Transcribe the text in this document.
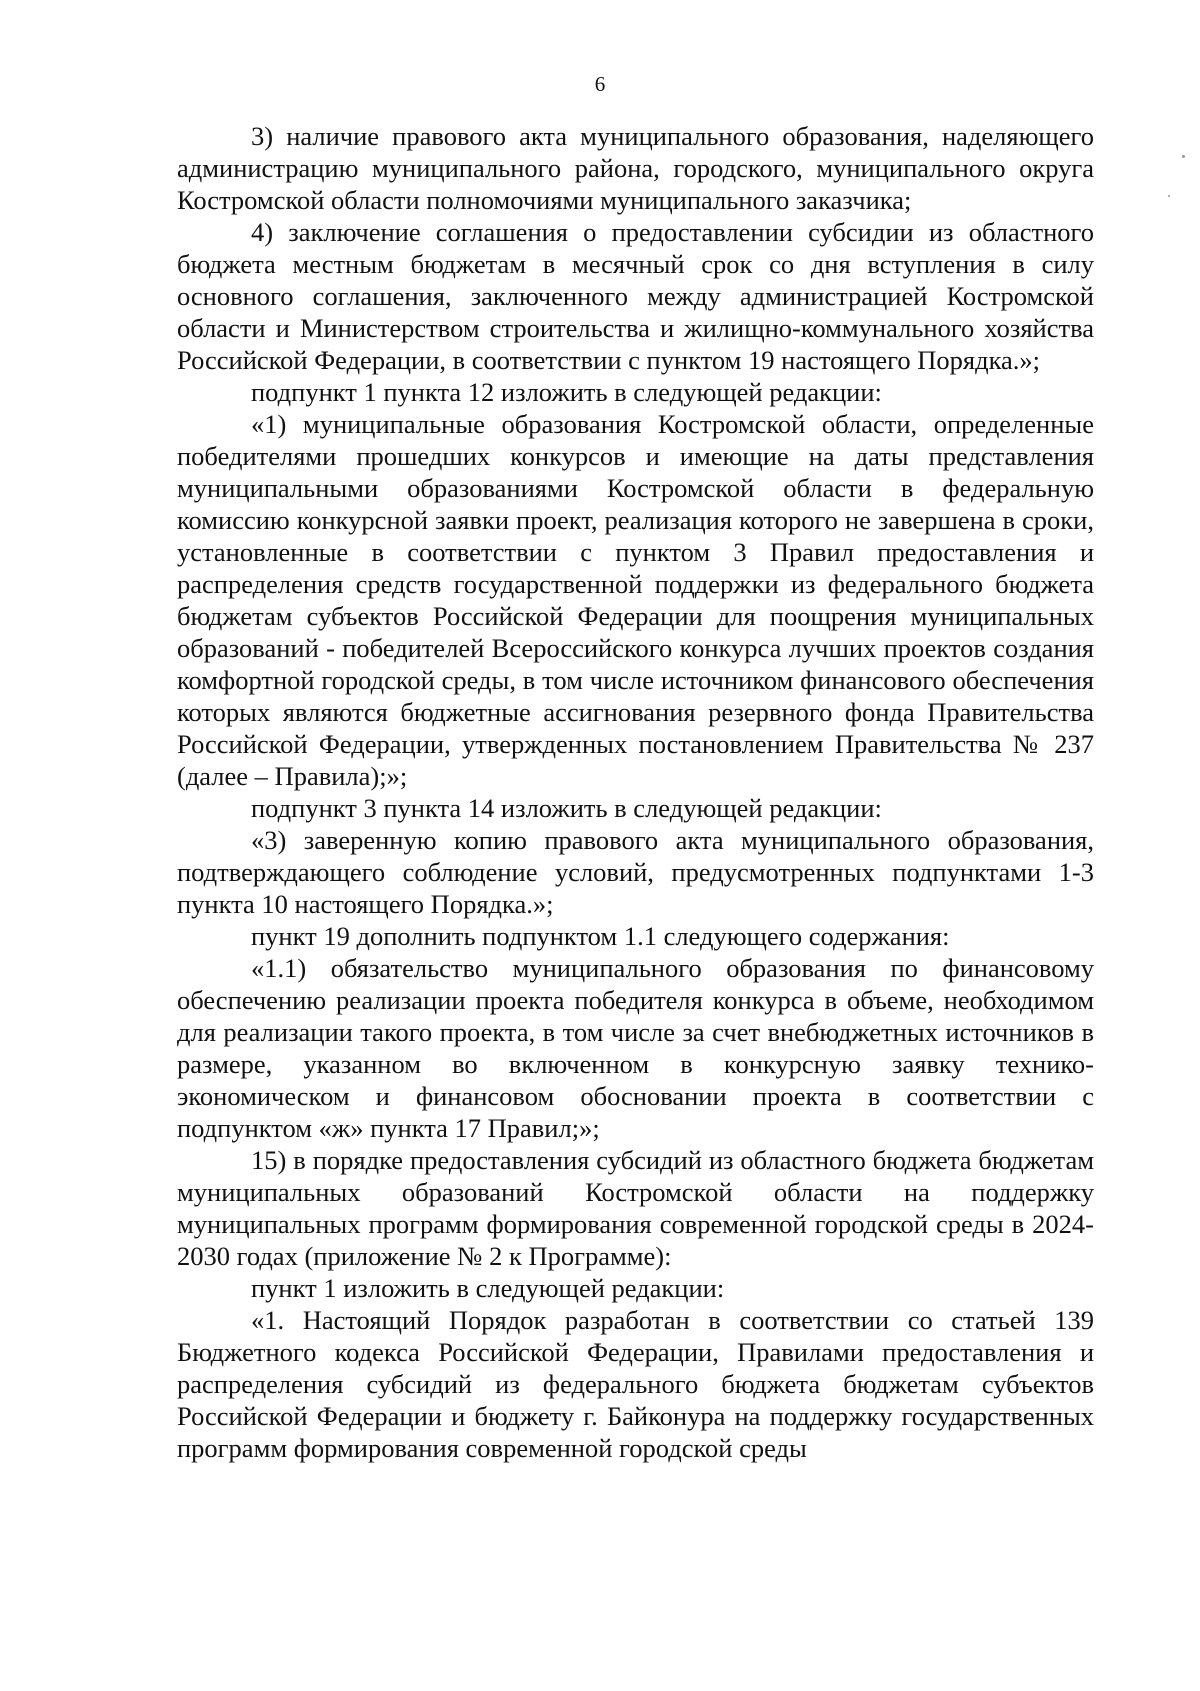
6

3) наличие правового акта муниципального образования, наделяющего администрацию муниципального района, городского, муниципального округа Костромской области полномочиями муниципального заказчика;

4) заключение соглашения о предоставлении субсидии из областного бюджета местным бюджетам в месячный срок со дня вступления в силу основного соглашения, заключенного между администрацией Костромской области и Министерством строительства и жилищно-коммунального хозяйства Российской Федерации, в соответствии с пунктом 19 настоящего Порядка.»;

подпункт 1 пункта 12 изложить в следующей редакции:

«1) муниципальные образования Костромской области, определенные победителями прошедших конкурсов и имеющие на даты представления муниципальными образованиями Костромской области в федеральную комиссию конкурсной заявки проект, реализация которого не завершена в сроки, установленные в соответствии с пунктом 3 Правил предоставления и распределения средств государственной поддержки из федерального бюджета бюджетам субъектов Российской Федерации для поощрения муниципальных образований - победителей Всероссийского конкурса лучших проектов создания комфортной городской среды, в том числе источником финансового обеспечения которых являются бюджетные ассигнования резервного фонда Правительства Российской Федерации, утвержденных постановлением Правительства № 237 (далее – Правила);»;

подпункт 3 пункта 14 изложить в следующей редакции:

«3) заверенную копию правового акта муниципального образования, подтверждающего соблюдение условий, предусмотренных подпунктами 1-3 пункта 10 настоящего Порядка.»;

пункт 19 дополнить подпунктом 1.1 следующего содержания:

«1.1) обязательство муниципального образования по финансовому обеспечению реализации проекта победителя конкурса в объеме, необходимом для реализации такого проекта, в том числе за счет внебюджетных источников в размере, указанном во включенном в конкурсную заявку технико-экономическом и финансовом обосновании проекта в соответствии с подпунктом «ж» пункта 17 Правил;»;

15) в порядке предоставления субсидий из областного бюджета бюджетам муниципальных образований Костромской области на поддержку муниципальных программ формирования современной городской среды в 2024-2030 годах (приложение № 2 к Программе):

пункт 1 изложить в следующей редакции:

«1. Настоящий Порядок разработан в соответствии со статьей 139 Бюджетного кодекса Российской Федерации, Правилами предоставления и распределения субсидий из федерального бюджета бюджетам субъектов Российской Федерации и бюджету г. Байконура на поддержку государственных программ формирования современной городской среды
